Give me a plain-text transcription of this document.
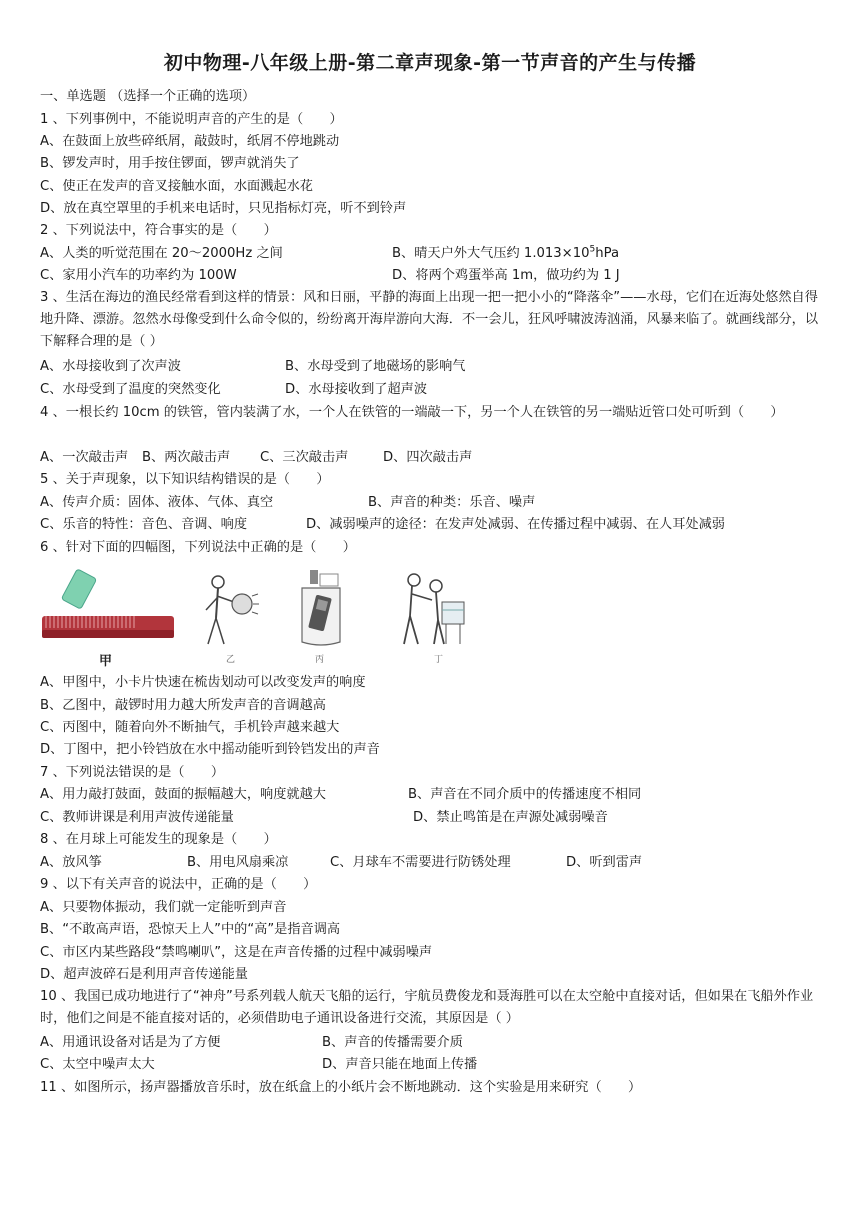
初中物理-八年级上册-第二章声现象-第一节声音的产生与传播
一、单选题 （选择一个正确的选项）
1 、下列事例中，不能说明声音的产生的是（　　）
A、在鼓面上放些碎纸屑，敲鼓时，纸屑不停地跳动
B、锣发声时，用手按住锣面，锣声就消失了
C、使正在发声的音叉接触水面，水面溅起水花
D、放在真空罩里的手机来电话时，只见指标灯亮，听不到铃声
2 、下列说法中，符合事实的是（　　）
A、人类的听觉范围在 20～2000Hz 之间	B、晴天户外大气压约 $1.013\times 10^5hPa$
C、家用小汽车的功率约为 100W	D、将两个鸡蛋举高 1m，做功约为 1 J
3 、生活在海边的渔民经常看到这样的情景：风和日丽，平静的海面上出现一把一把小小的“降落伞”——水母，它们在近海处悠然自得地升降、漂游。忽然水母像受到什么命令似的，纷纷离开海岸游向大海．不一会儿，狂风呼啸波涛汹涌，风暴来临了。就画线部分，以下解释合理的是（ ）
A、水母接收到了次声波	B、水母受到了地磁场的影响气
C、水母受到了温度的突然变化	D、水母接收到了超声波
4 、一根长约 10cm 的铁管，管内装满了水，一个人在铁管的一端敲一下，另一个人在铁管的另一端贴近管口处可听到（　　）
A、一次敲击声 B、两次敲击声 C、三次敲击声	D、四次敲击声
5 、关于声现象，以下知识结构错误的是（　　）
A、传声介质：固体、液体、气体、真空	B、声音的种类：乐音、噪声
C、乐音的特性：音色、音调、响度	D、减弱噪声的途径：在发声处减弱、在传播过程中减弱、在人耳处减弱
6 、针对下面的四幅图，下列说法中正确的是（　　）
甲	乙	丙	丁
A、甲图中，小卡片快速在梳齿划动可以改变发声的响度
B、乙图中，敲锣时用力越大所发声音的音调越高
C、丙图中，随着向外不断抽气，手机铃声越来越大
D、丁图中，把小铃铛放在水中摇动能听到铃铛发出的声音
7 、下列说法错误的是（　　）
A、用力敲打鼓面，鼓面的振幅越大，响度就越大	B、声音在不同介质中的传播速度不相同
C、教师讲课是利用声波传递能量	D、禁止鸣笛是在声源处减弱噪音
8 、在月球上可能发生的现象是（　　）
A、放风筝	B、用电风扇乘凉	C、月球车不需要进行防锈处理	D、听到雷声
9 、以下有关声音的说法中，正确的是（　　）
A、只要物体振动，我们就一定能听到声音
B、“不敢高声语，恐惊天上人”中的“高”是指音调高
C、市区内某些路段“禁鸣喇叭”，这是在声音传播的过程中减弱噪声
D、超声波碎石是利用声音传递能量
10 、我国已成功地进行了“神舟”号系列载人航天飞船的运行，宇航员费俊龙和聂海胜可以在太空舱中直接对话，但如果在飞船外作业时，他们之间是不能直接对话的，必须借助电子通讯设备进行交流，其原因是（ ）
A、用通讯设备对话是为了方便	B、声音的传播需要介质
C、太空中噪声太大	D、声音只能在地面上传播
11 、如图所示，扬声器播放音乐时，放在纸盒上的小纸片会不断地跳动．这个实验是用来研究（　　）
